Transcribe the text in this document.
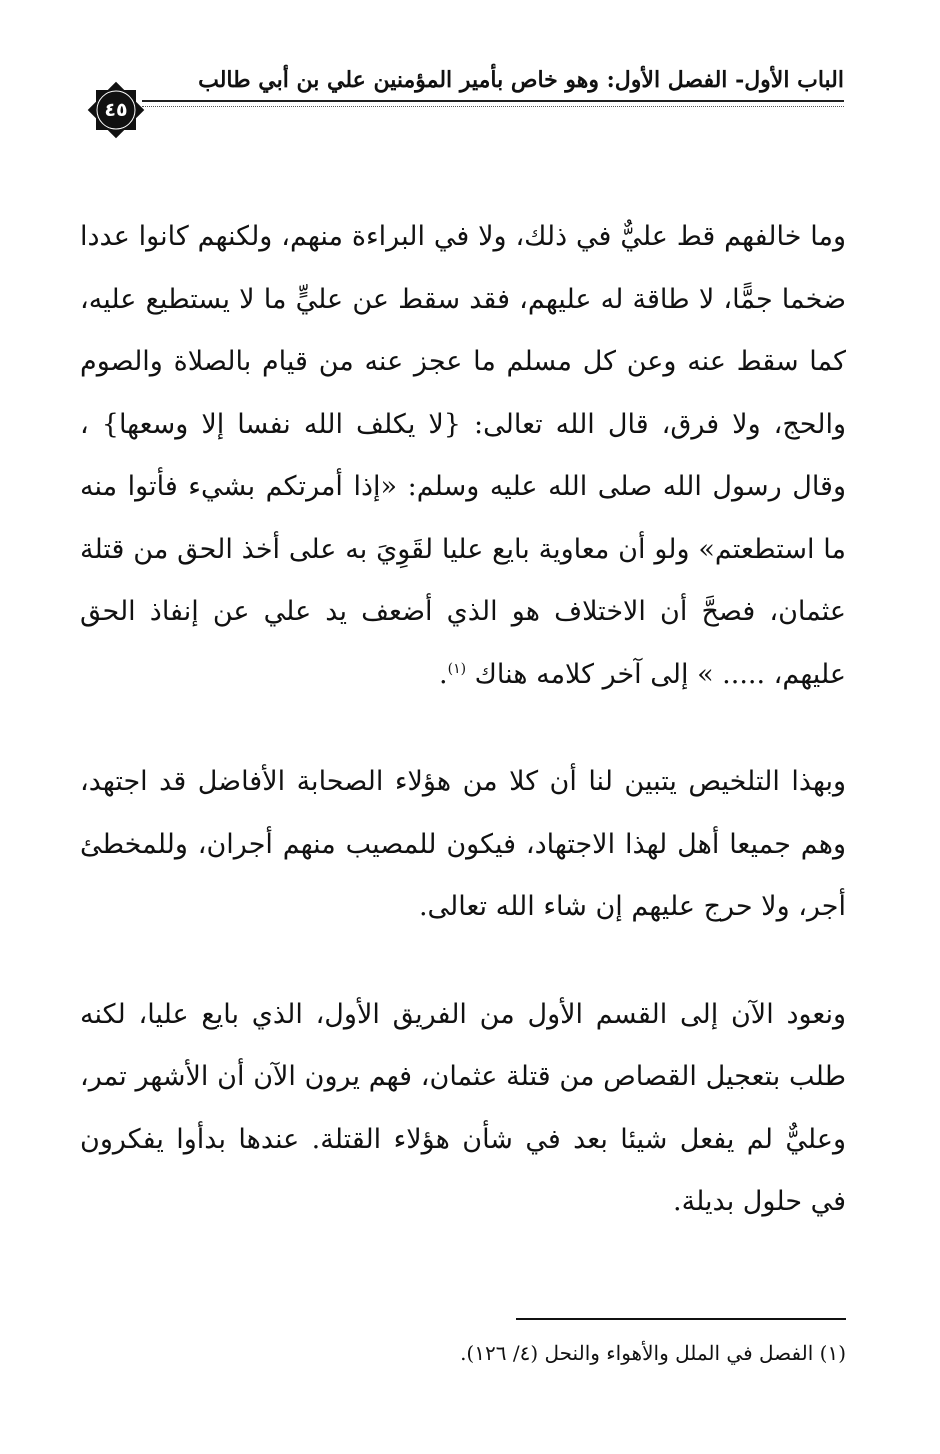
الباب الأول- الفصل الأول: وهو خاص بأمير المؤمنين علي بن أبي طالب
٤٥

وما خالفهم قط عليٌّ في ذلك، ولا في البراءة منهم، ولكنهم كانوا عددا ضخما جمًّا، لا طاقة له عليهم، فقد سقط عن عليٍّ ما لا يستطيع عليه، كما سقط عنه وعن كل مسلم ما عجز عنه من قيام بالصلاة والصوم والحج، ولا فرق، قال الله تعالى: {لا يكلف الله نفسا إلا وسعها} ، وقال رسول الله صلى الله عليه وسلم: «إذا أمرتكم بشيء فأتوا منه ما استطعتم» ولو أن معاوية بايع عليا لقَوِيَ به على أخذ الحق من قتلة عثمان، فصحَّ أن الاختلاف هو الذي أضعف يد علي عن إنفاذ الحق عليهم، ..... » إلى آخر كلامه هناك $^{(١)}$.

وبهذا التلخيص يتبين لنا أن كلا من هؤلاء الصحابة الأفاضل قد اجتهد، وهم جميعا أهل لهذا الاجتهاد، فيكون للمصيب منهم أجران، وللمخطئ أجر، ولا حرج عليهم إن شاء الله تعالى.

ونعود الآن إلى القسم الأول من الفريق الأول، الذي بايع عليا، لكنه طلب بتعجيل القصاص من قتلة عثمان، فهم يرون الآن أن الأشهر تمر، وعليٌّ لم يفعل شيئا بعد في شأن هؤلاء القتلة. عندها بدأوا يفكرون في حلول بديلة.

(١) الفصل في الملل والأهواء والنحل (٤/ ١٢٦).
